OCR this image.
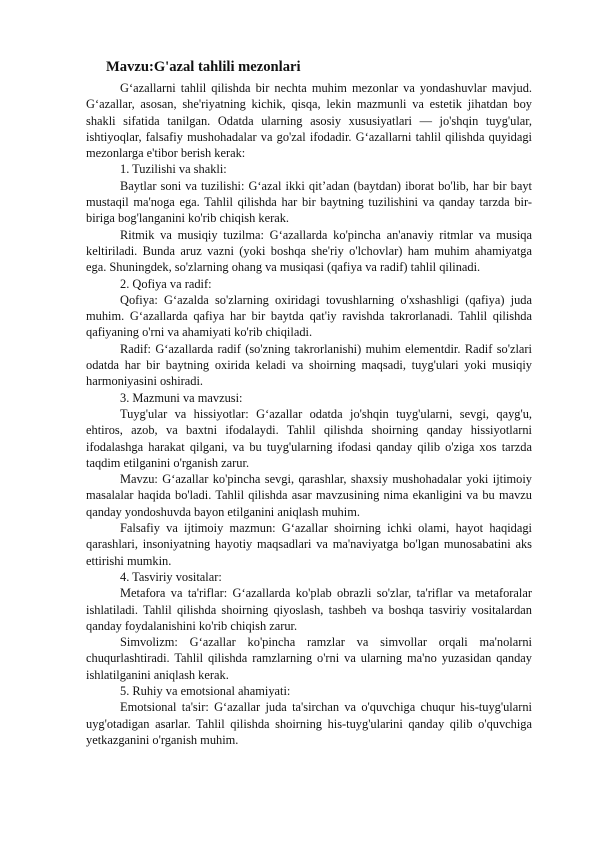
Mavzu:G'azal tahlili mezonlari

G‘azallarni tahlil qilishda bir nechta muhim mezonlar va yondashuvlar mavjud. G‘azallar, asosan, she'riyatning kichik, qisqa, lekin mazmunli va estetik jihatdan boy shakli sifatida tanilgan. Odatda ularning asosiy xususiyatlari — jo'shqin tuyg'ular, ishtiyoqlar, falsafiy mushohadalar va go'zal ifodadir. G‘azallarni tahlil qilishda quyidagi mezonlarga e'tibor berish kerak:

1. Tuzilishi va shakli:

Baytlar soni va tuzilishi: G‘azal ikki qit’adan (baytdan) iborat bo'lib, har bir bayt mustaqil ma'noga ega. Tahlil qilishda har bir baytning tuzilishini va qanday tarzda bir-biriga bog'langanini ko'rib chiqish kerak.

Ritmik va musiqiy tuzilma: G‘azallarda ko'pincha an'anaviy ritmlar va musiqa keltiriladi. Bunda aruz vazni (yoki boshqa she'riy o'lchovlar) ham muhim ahamiyatga ega. Shuningdek, so'zlarning ohang va musiqasi (qafiya va radif) tahlil qilinadi.

2. Qofiya va radif:

Qofiya: G‘azalda so'zlarning oxiridagi tovushlarning o'xshashligi (qafiya) juda muhim. G‘azallarda qafiya har bir baytda qat'iy ravishda takrorlanadi. Tahlil qilishda qafiyaning o'rni va ahamiyati ko'rib chiqiladi.

Radif: G‘azallarda radif (so'zning takrorlanishi) muhim elementdir. Radif so'zlari odatda har bir baytning oxirida keladi va shoirning maqsadi, tuyg'ulari yoki musiqiy harmoniyasini oshiradi.

3. Mazmuni va mavzusi:

Tuyg'ular va hissiyotlar: G‘azallar odatda jo'shqin tuyg'ularni, sevgi, qayg'u, ehtiros, azob, va baxtni ifodalaydi. Tahlil qilishda shoirning qanday hissiyotlarni ifodalashga harakat qilgani, va bu tuyg'ularning ifodasi qanday qilib o'ziga xos tarzda taqdim etilganini o'rganish zarur.

Mavzu: G‘azallar ko'pincha sevgi, qarashlar, shaxsiy mushohadalar yoki ijtimoiy masalalar haqida bo'ladi. Tahlil qilishda asar mavzusining nima ekanligini va bu mavzu qanday yondoshuvda bayon etilganini aniqlash muhim.

Falsafiy va ijtimoiy mazmun: G‘azallar shoirning ichki olami, hayot haqidagi qarashlari, insoniyatning hayotiy maqsadlari va ma'naviyatga bo'lgan munosabatini aks ettirishi mumkin.

4. Tasviriy vositalar:

Metafora va ta'riflar: G‘azallarda ko'plab obrazli so'zlar, ta'riflar va metaforalar ishlatiladi. Tahlil qilishda shoirning qiyoslash, tashbeh va boshqa tasviriy vositalardan qanday foydalanishini ko'rib chiqish zarur.

Simvolizm: G‘azallar ko'pincha ramzlar va simvollar orqali ma'nolarni chuqurlashtiradi. Tahlil qilishda ramzlarning o'rni va ularning ma'no yuzasidan qanday ishlatilganini aniqlash kerak.

5. Ruhiy va emotsional ahamiyati:

Emotsional ta'sir: G‘azallar juda ta'sirchan va o'quvchiga chuqur his-tuyg'ularni uyg'otadigan asarlar. Tahlil qilishda shoirning his-tuyg'ularini qanday qilib o'quvchiga yetkazganini o'rganish muhim.
